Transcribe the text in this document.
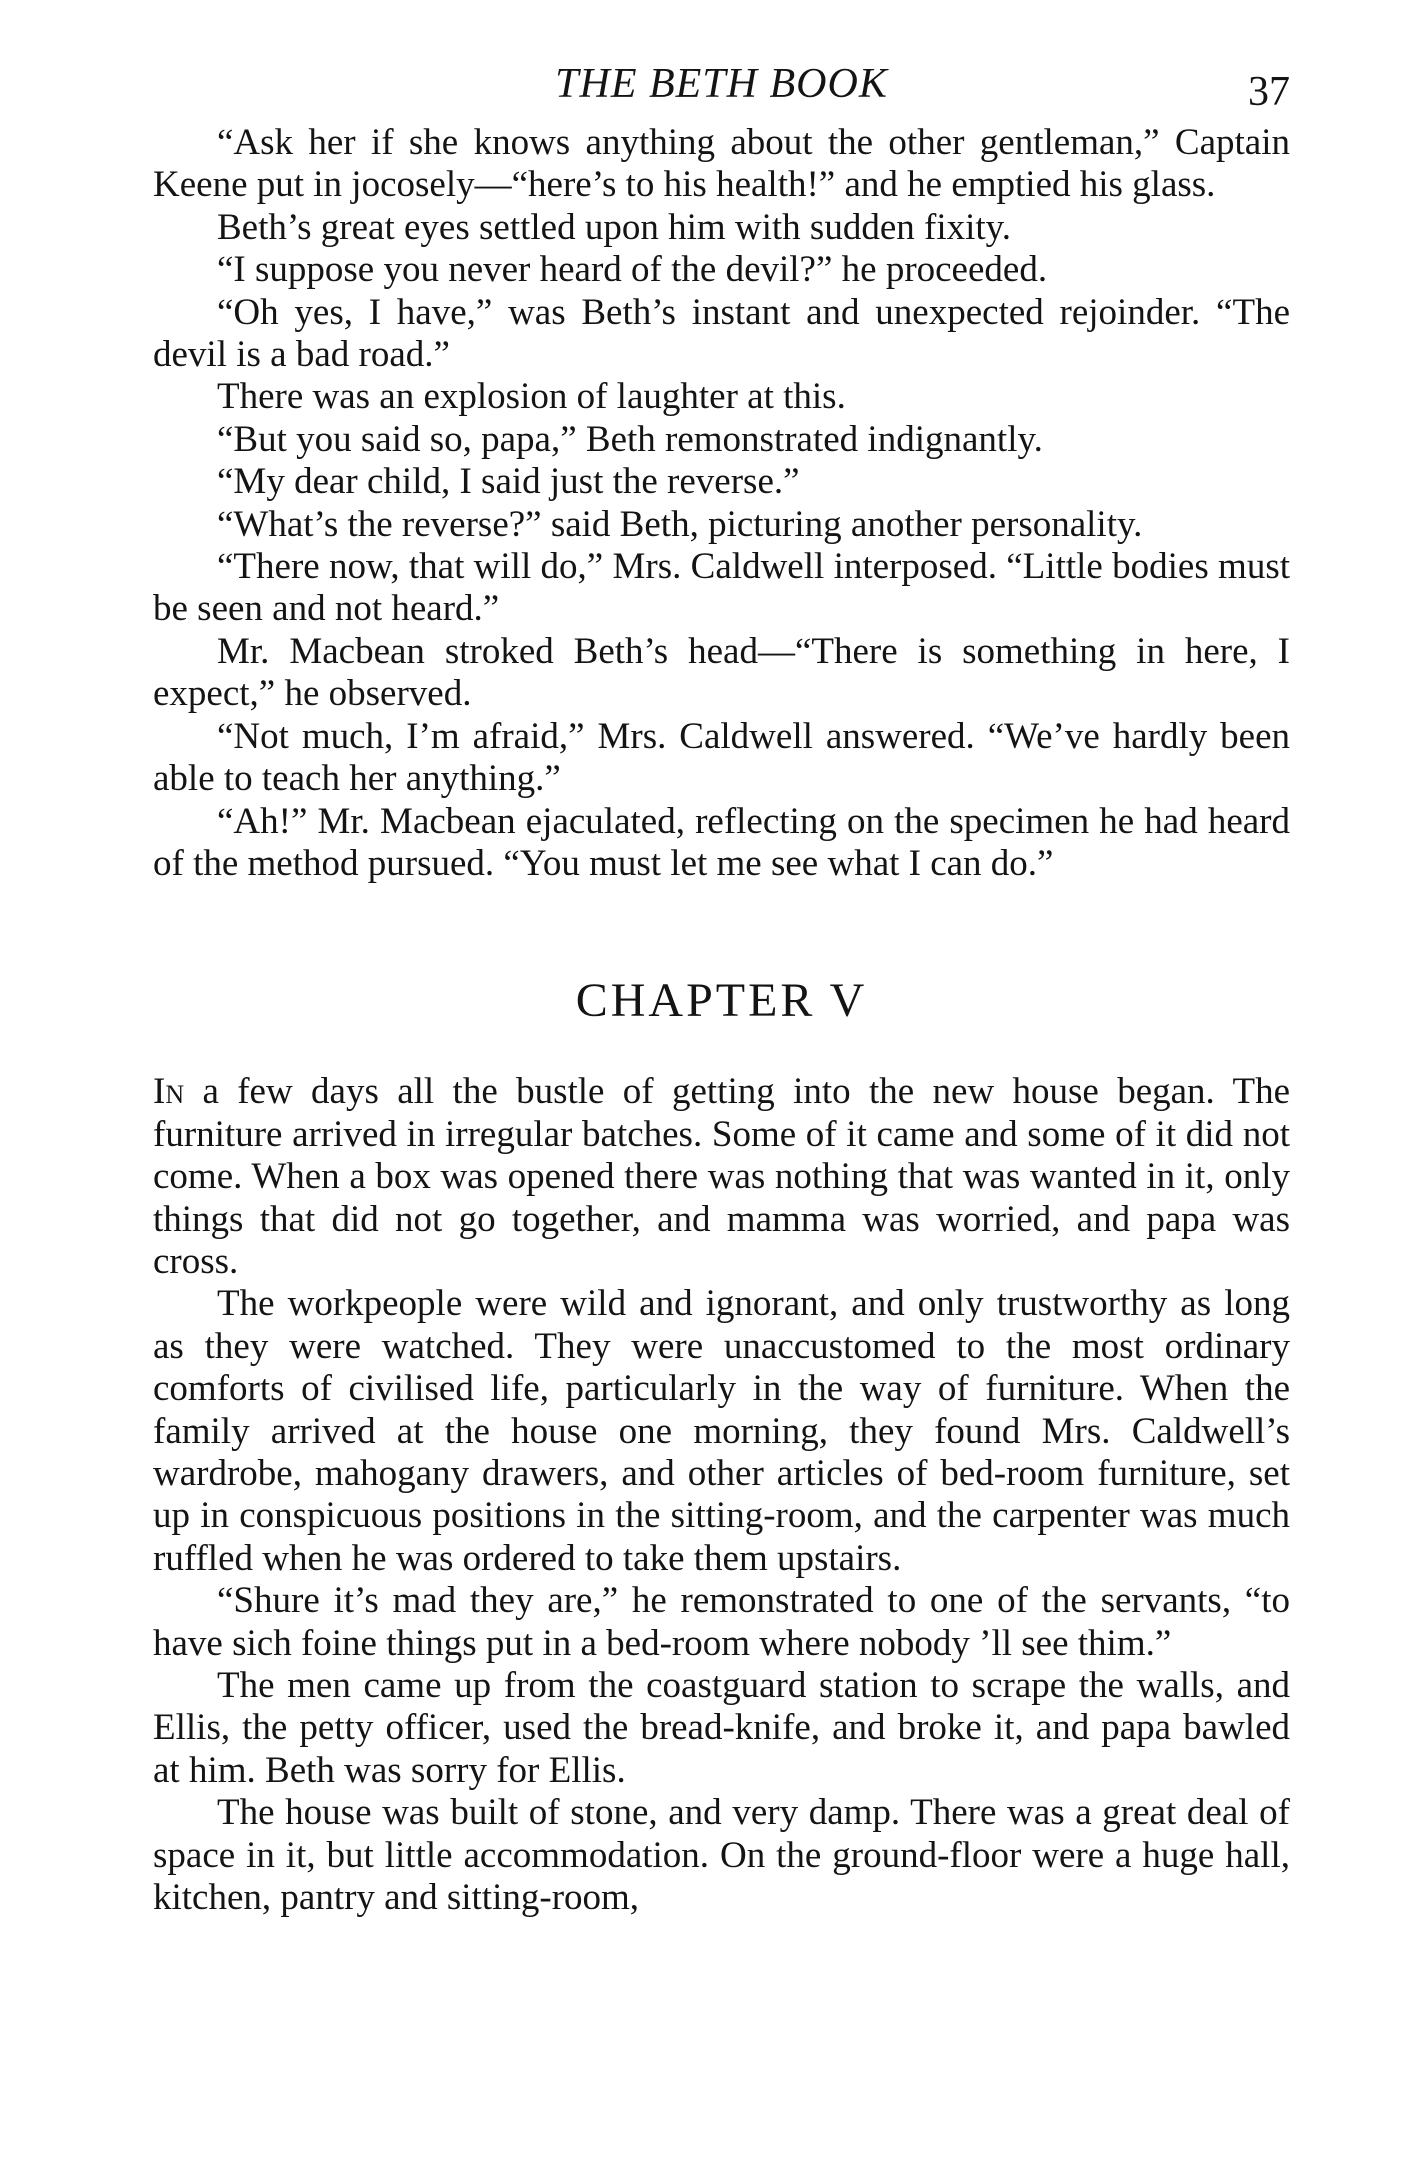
THE BETH BOOK	37

“Ask her if she knows anything about the other gentleman,” Captain Keene put in jocosely—“here’s to his health!” and he emptied his glass.

Beth’s great eyes settled upon him with sudden fixity.

“I suppose you never heard of the devil?” he proceeded.

“Oh yes, I have,” was Beth’s instant and unexpected rejoinder. “The devil is a bad road.”

There was an explosion of laughter at this.

“But you said so, papa,” Beth remonstrated indignantly.

“My dear child, I said just the reverse.”

“What’s the reverse?” said Beth, picturing another personality.

“There now, that will do,” Mrs. Caldwell interposed. “Little bodies must be seen and not heard.”

Mr. Macbean stroked Beth’s head—“There is something in here, I expect,” he observed.

“Not much, I’m afraid,” Mrs. Caldwell answered. “We’ve hardly been able to teach her anything.”

“Ah!” Mr. Macbean ejaculated, reflecting on the specimen he had heard of the method pursued. “You must let me see what I can do.”

CHAPTER V

In a few days all the bustle of getting into the new house began. The furniture arrived in irregular batches. Some of it came and some of it did not come. When a box was opened there was nothing that was wanted in it, only things that did not go together, and mamma was worried, and papa was cross.

The workpeople were wild and ignorant, and only trustworthy as long as they were watched. They were unaccustomed to the most ordinary comforts of civilised life, particularly in the way of furniture. When the family arrived at the house one morning, they found Mrs. Caldwell’s wardrobe, mahogany drawers, and other articles of bed-room furniture, set up in conspicuous positions in the sitting-room, and the carpenter was much ruffled when he was ordered to take them upstairs.

“Shure it’s mad they are,” he remonstrated to one of the servants, “to have sich foine things put in a bed-room where nobody ’ll see thim.”

The men came up from the coastguard station to scrape the walls, and Ellis, the petty officer, used the bread-knife, and broke it, and papa bawled at him. Beth was sorry for Ellis.

The house was built of stone, and very damp. There was a great deal of space in it, but little accommodation. On the ground-floor were a huge hall, kitchen, pantry and sitting-room,
